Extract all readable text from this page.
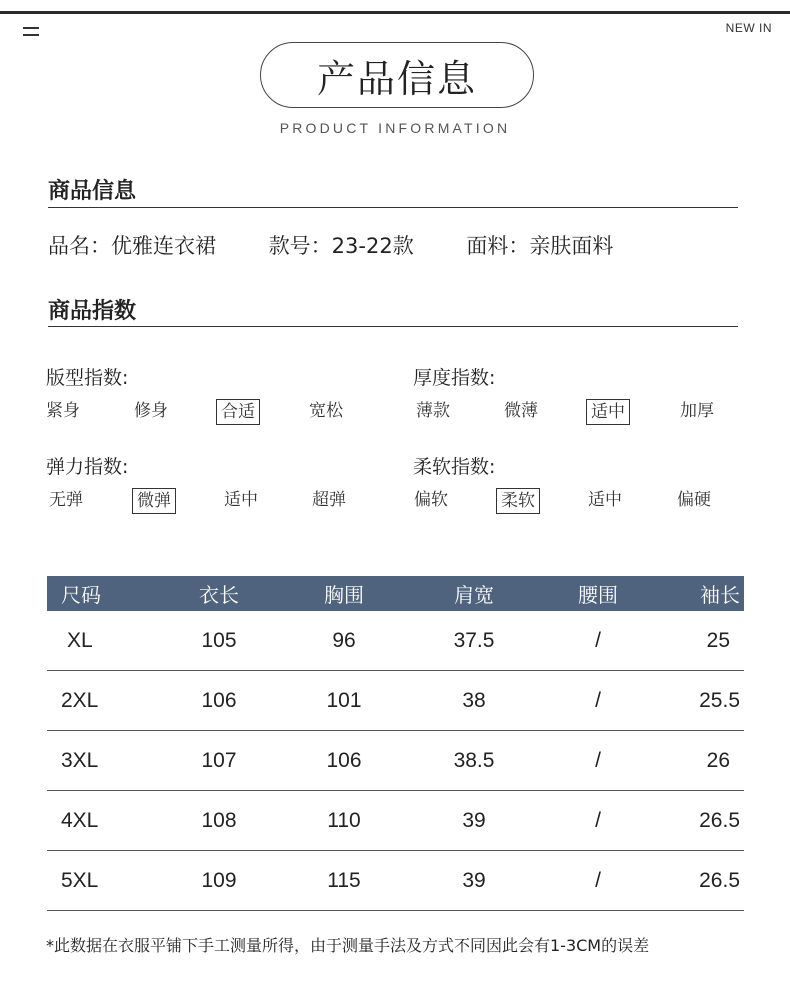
NEW IN
产品信息
PRODUCT INFORMATION
商品信息
品名：优雅连衣裙	款号：23-22款	面料：亲肤面料
商品指数
版型指数:
紧身	修身	合适	宽松
厚度指数:
薄款	微薄	适中	加厚
弹力指数:
无弹	微弹	适中	超弹
柔软指数:
偏软	柔软	适中	偏硬
尺码	衣长	胸围	肩宽	腰围	袖长
XL	105	96	37.5	/	25
2XL	106	101	38	/	25.5
3XL	107	106	38.5	/	26
4XL	108	110	39	/	26.5
5XL	109	115	39	/	26.5
*此数据在衣服平铺下手工测量所得，由于测量手法及方式不同因此会有1-3CM的误差
